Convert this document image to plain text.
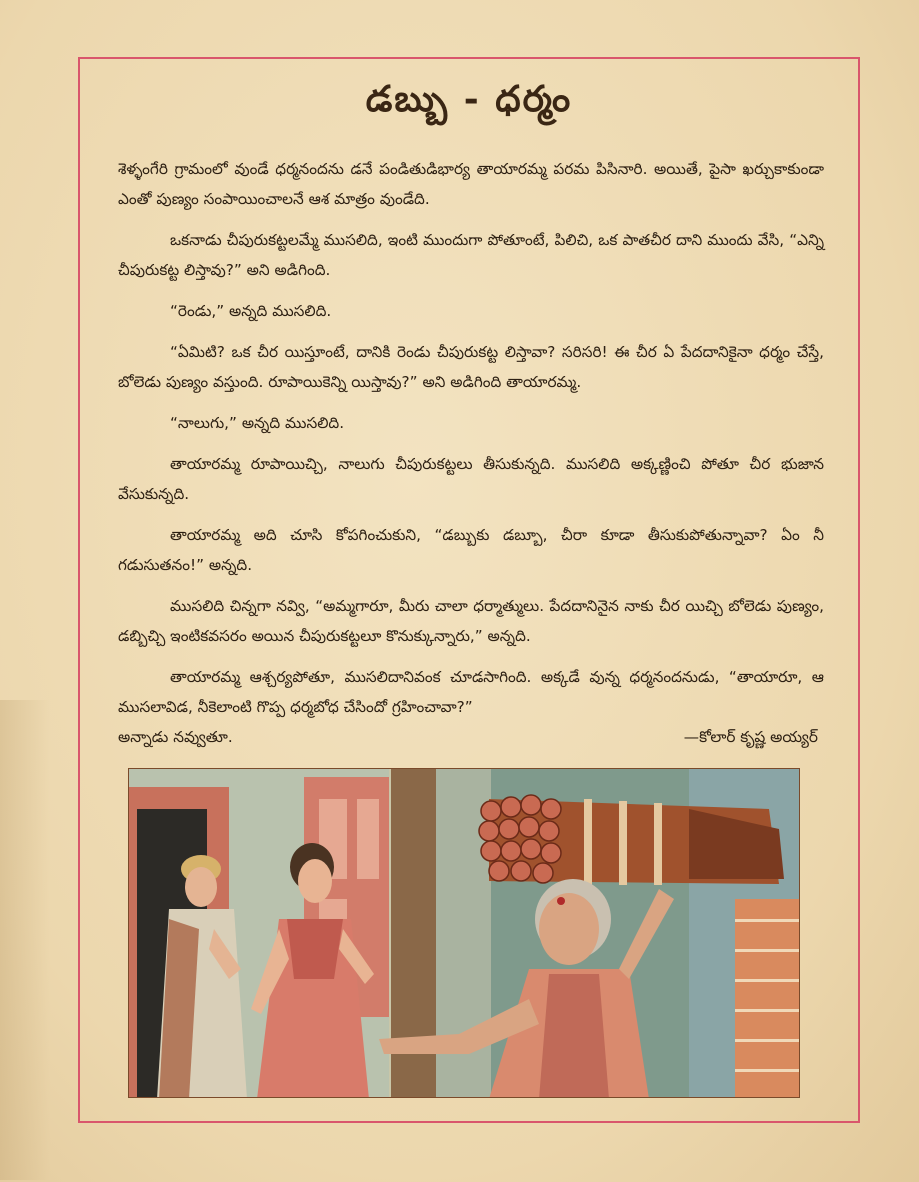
డబ్బు - ధర్మం

శెళ్ళంగేరి గ్రామంలో వుండే ధర్మనందను డనే పండితుడిభార్య తాయారమ్మ పరమ పిసినారి. అయితే, పైసా ఖర్చుకాకుండా ఎంతో పుణ్యం సంపాయించాలనే ఆశ మాత్రం వుండేది.

ఒకనాడు చీపురుకట్టలమ్మే ముసలిది, ఇంటి ముందుగా పోతూంటే, పిలిచి, ఒక పాతచీర దాని ముందు వేసి, “ఎన్ని చీపురుకట్ట లిస్తావు?” అని అడిగింది.

“రెండు,” అన్నది ముసలిది.

“ఏమిటి? ఒక చీర యిస్తూంటే, దానికి రెండు చీపురుకట్ట లిస్తావా? సరిసరి! ఈ చీర ఏ పేదదానికైనా ధర్మం చేస్తే, బోలెడు పుణ్యం వస్తుంది. రూపాయికెన్ని యిస్తావు?” అని అడిగింది తాయారమ్మ.

“నాలుగు,” అన్నది ముసలిది.

తాయారమ్మ రూపాయిచ్చి, నాలుగు చీపురుకట్టలు తీసుకున్నది. ముసలిది అక్కణ్ణించి పోతూ చీర భుజాన వేసుకున్నది.

తాయారమ్మ అది చూసి కోపగించుకుని, “డబ్బుకు డబ్బూ, చీరా కూడా తీసుకుపోతున్నావా? ఏం నీ గడుసుతనం!” అన్నది.

ముసలిది చిన్నగా నవ్వి, “అమ్మగారూ, మీరు చాలా ధర్మాత్ములు. పేదదానినైన నాకు చీర యిచ్చి బోలెడు పుణ్యం, డబ్బిచ్చి ఇంటికవసరం అయిన చీపురుకట్టలూ కొనుక్కున్నారు,” అన్నది.

తాయారమ్మ ఆశ్చర్యపోతూ, ముసలిదానివంక చూడసాగింది. అక్కడే వున్న ధర్మనందనుడు, “తాయారూ, ఆ ముసలావిడ, నీకెలాంటి గొప్ప ధర్మబోధ చేసిందో గ్రహించావా?”

అన్నాడు నవ్వుతూ.	—కోలార్ కృష్ణ అయ్యర్
